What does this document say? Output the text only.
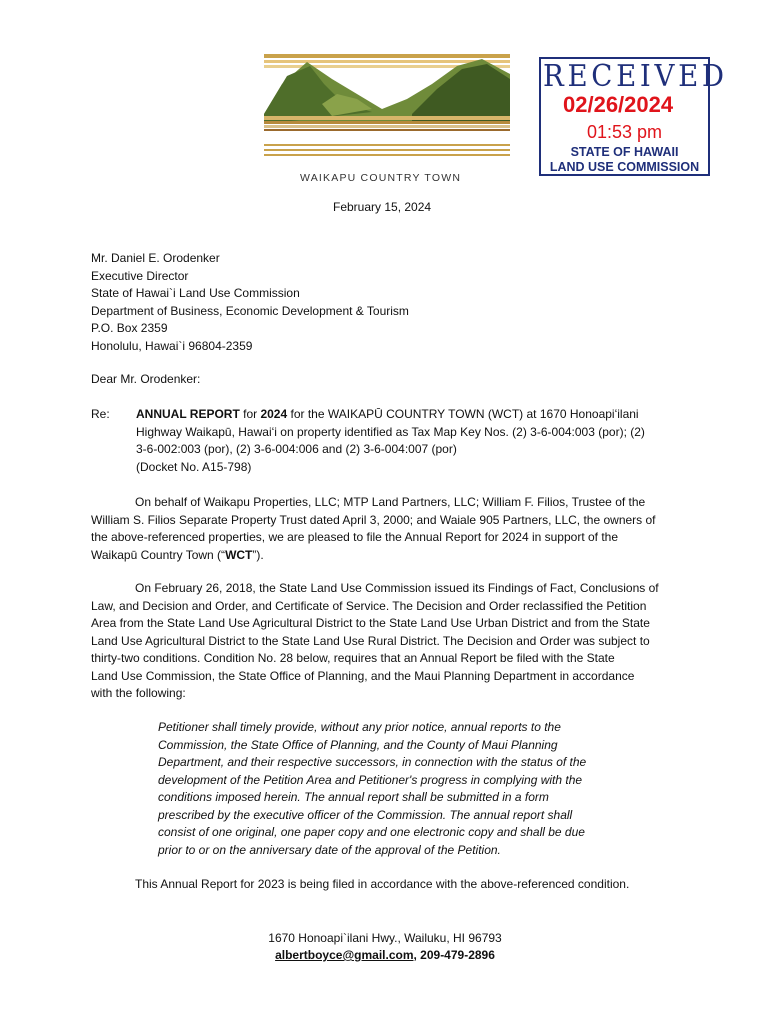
WAIKAPU COUNTRY TOWN
RECEIVED
02/26/2024
01:53 pm
STATE OF HAWAII
LAND USE COMMISSION
February 15, 2024

Mr. Daniel E. Orodenker

Executive Director

State of Hawai`i Land Use Commission

Department of Business, Economic Development & Tourism

P.O. Box 2359

Honolulu, Hawai`i 96804-2359

Dear Mr. Orodenker:
Re: ANNUAL REPORT for 2024 for the WAIKAPŪ COUNTRY TOWN (WCT) at 1670 Honoapiʻilani

Highway Waikapū, Hawaiʻi on property identified as Tax Map Key Nos. (2) 3-6-004:003 (por); (2)

3-6-002:003 (por), (2) 3-6-004:006 and (2) 3-6-004:007 (por)

(Docket No. A15-798)

On behalf of Waikapu Properties, LLC; MTP Land Partners, LLC; William F. Filios, Trustee of the

William S. Filios Separate Property Trust dated April 3, 2000; and Waiale 905 Partners, LLC, the owners of

the above-referenced properties, we are pleased to file the Annual Report for 2024 in support of the

Waikapū Country Town (“WCT”).

On February 26, 2018, the State Land Use Commission issued its Findings of Fact, Conclusions of

Law, and Decision and Order, and Certificate of Service. The Decision and Order reclassified the Petition

Area from the State Land Use Agricultural District to the State Land Use Urban District and from the State

Land Use Agricultural District to the State Land Use Rural District. The Decision and Order was subject to

thirty-two conditions. Condition No. 28 below, requires that an Annual Report be filed with the State

Land Use Commission, the State Office of Planning, and the Maui Planning Department in accordance

with the following:

Petitioner shall timely provide, without any prior notice, annual reports to the

Commission, the State Office of Planning, and the County of Maui Planning

Department, and their respective successors, in connection with the status of the

development of the Petition Area and Petitioner's progress in complying with the

conditions imposed herein. The annual report shall be submitted in a form

prescribed by the executive officer of the Commission. The annual report shall

consist of one original, one paper copy and one electronic copy and shall be due

prior to or on the anniversary date of the approval of the Petition.

This Annual Report for 2023 is being filed in accordance with the above-referenced condition.
1670 Honoapi`ilani Hwy., Wailuku, HI 96793
albertboyce@gmail.com, 209-479-2896
